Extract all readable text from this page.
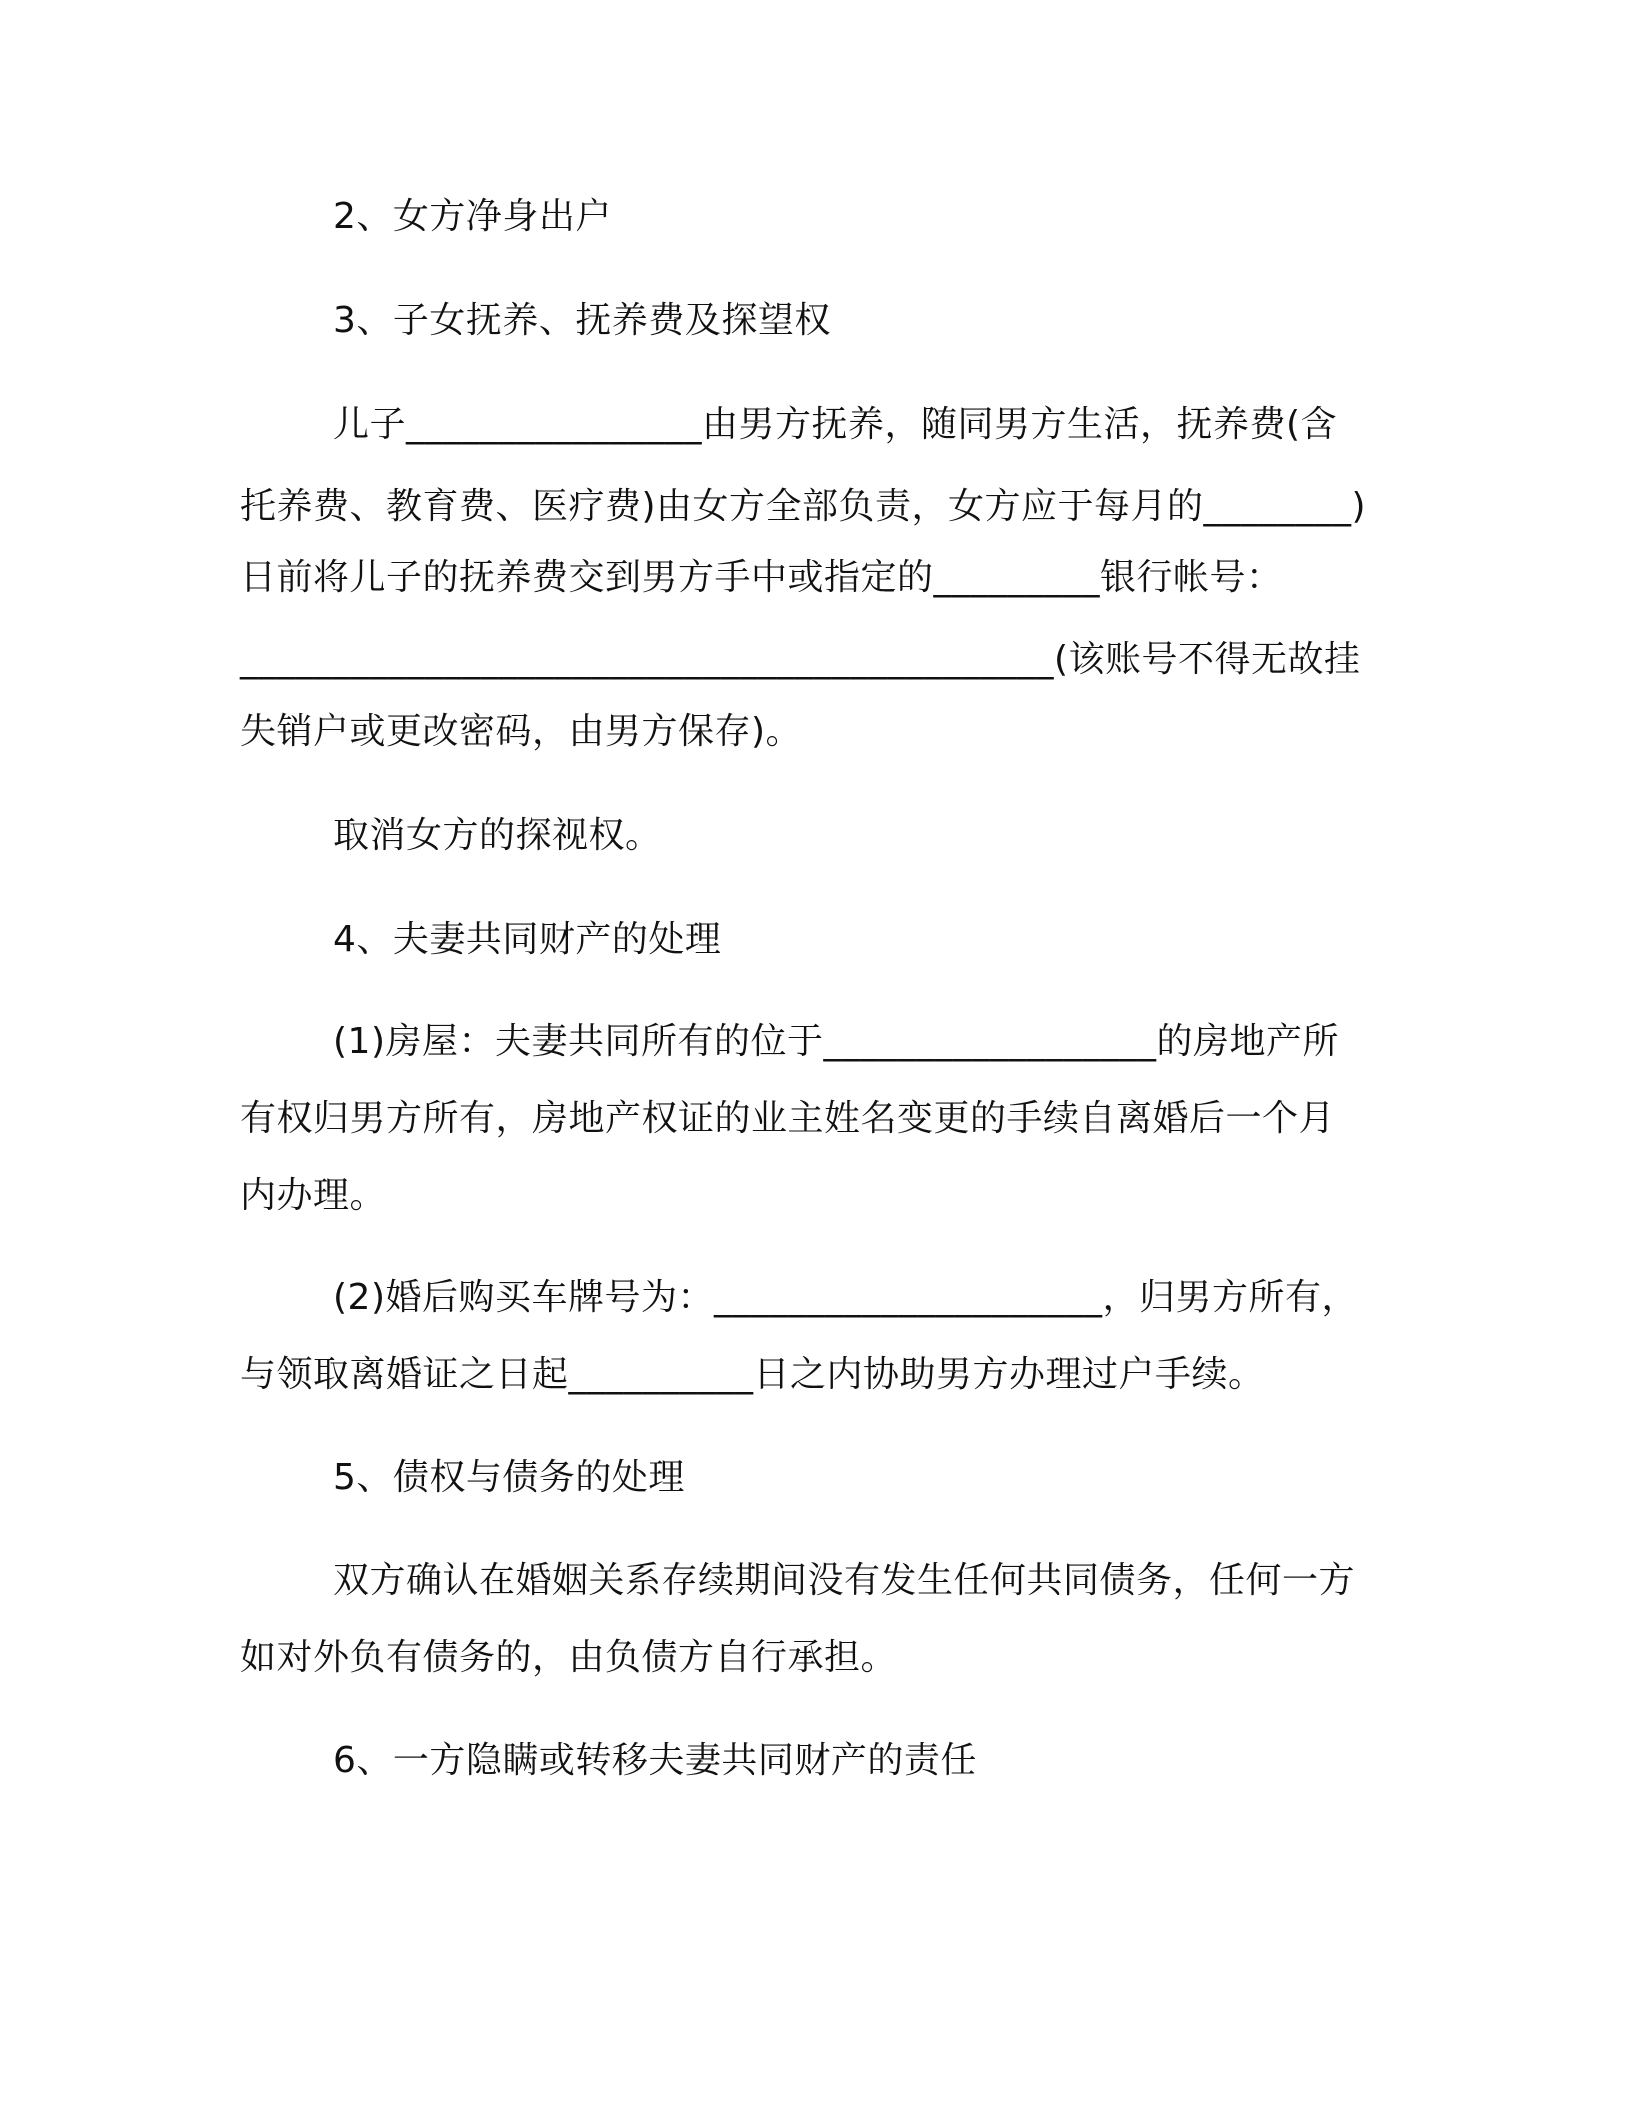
2、女方净身出户

3、子女抚养、抚养费及探望权

儿子________________由男方抚养，随同男方生活，抚养费(含

托养费、教育费、医疗费)由女方全部负责，女方应于每月的________)

日前将儿子的抚养费交到男方手中或指定的_________银行帐号：

____________________________________________(该账号不得无故挂

失销户或更改密码，由男方保存)。

取消女方的探视权。

4、夫妻共同财产的处理

(1)房屋：夫妻共同所有的位于__________________的房地产所

有权归男方所有，房地产权证的业主姓名变更的手续自离婚后一个月

内办理。

(2)婚后购买车牌号为：_____________________，归男方所有，

与领取离婚证之日起__________日之内协助男方办理过户手续。

5、债权与债务的处理

双方确认在婚姻关系存续期间没有发生任何共同债务，任何一方

如对外负有债务的，由负债方自行承担。

6、一方隐瞒或转移夫妻共同财产的责任
